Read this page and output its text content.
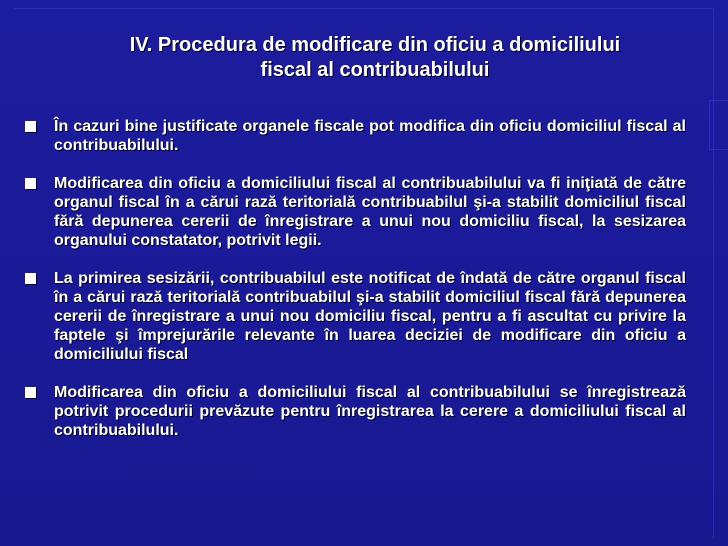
IV. Procedura de modificare din oficiu a domiciliului
fiscal al contribuabilului
În cazuri bine justificate organele fiscale pot modifica din oficiu domiciliul fiscal al contribuabilului.
Modificarea din oficiu a domiciliului fiscal al contribuabilului va fi iniţiată de către organul fiscal în a cărui rază teritorială contribuabilul şi-a stabilit domiciliul fiscal fără depunerea cererii de înregistrare a unui nou domiciliu fiscal, la sesizarea organului constatator, potrivit legii.
La primirea sesizării, contribuabilul este notificat de îndată de către organul fiscal în a cărui rază teritorială contribuabilul şi-a stabilit domiciliul fiscal fără depunerea cererii de înregistrare a unui nou domiciliu fiscal, pentru a fi ascultat cu privire la faptele şi împrejurările relevante în luarea deciziei de modificare din oficiu a domiciliului fiscal
Modificarea din oficiu a domiciliului fiscal al contribuabilului se înregistrează potrivit procedurii prevăzute pentru înregistrarea la cerere a domiciliului fiscal al contribuabilului.
